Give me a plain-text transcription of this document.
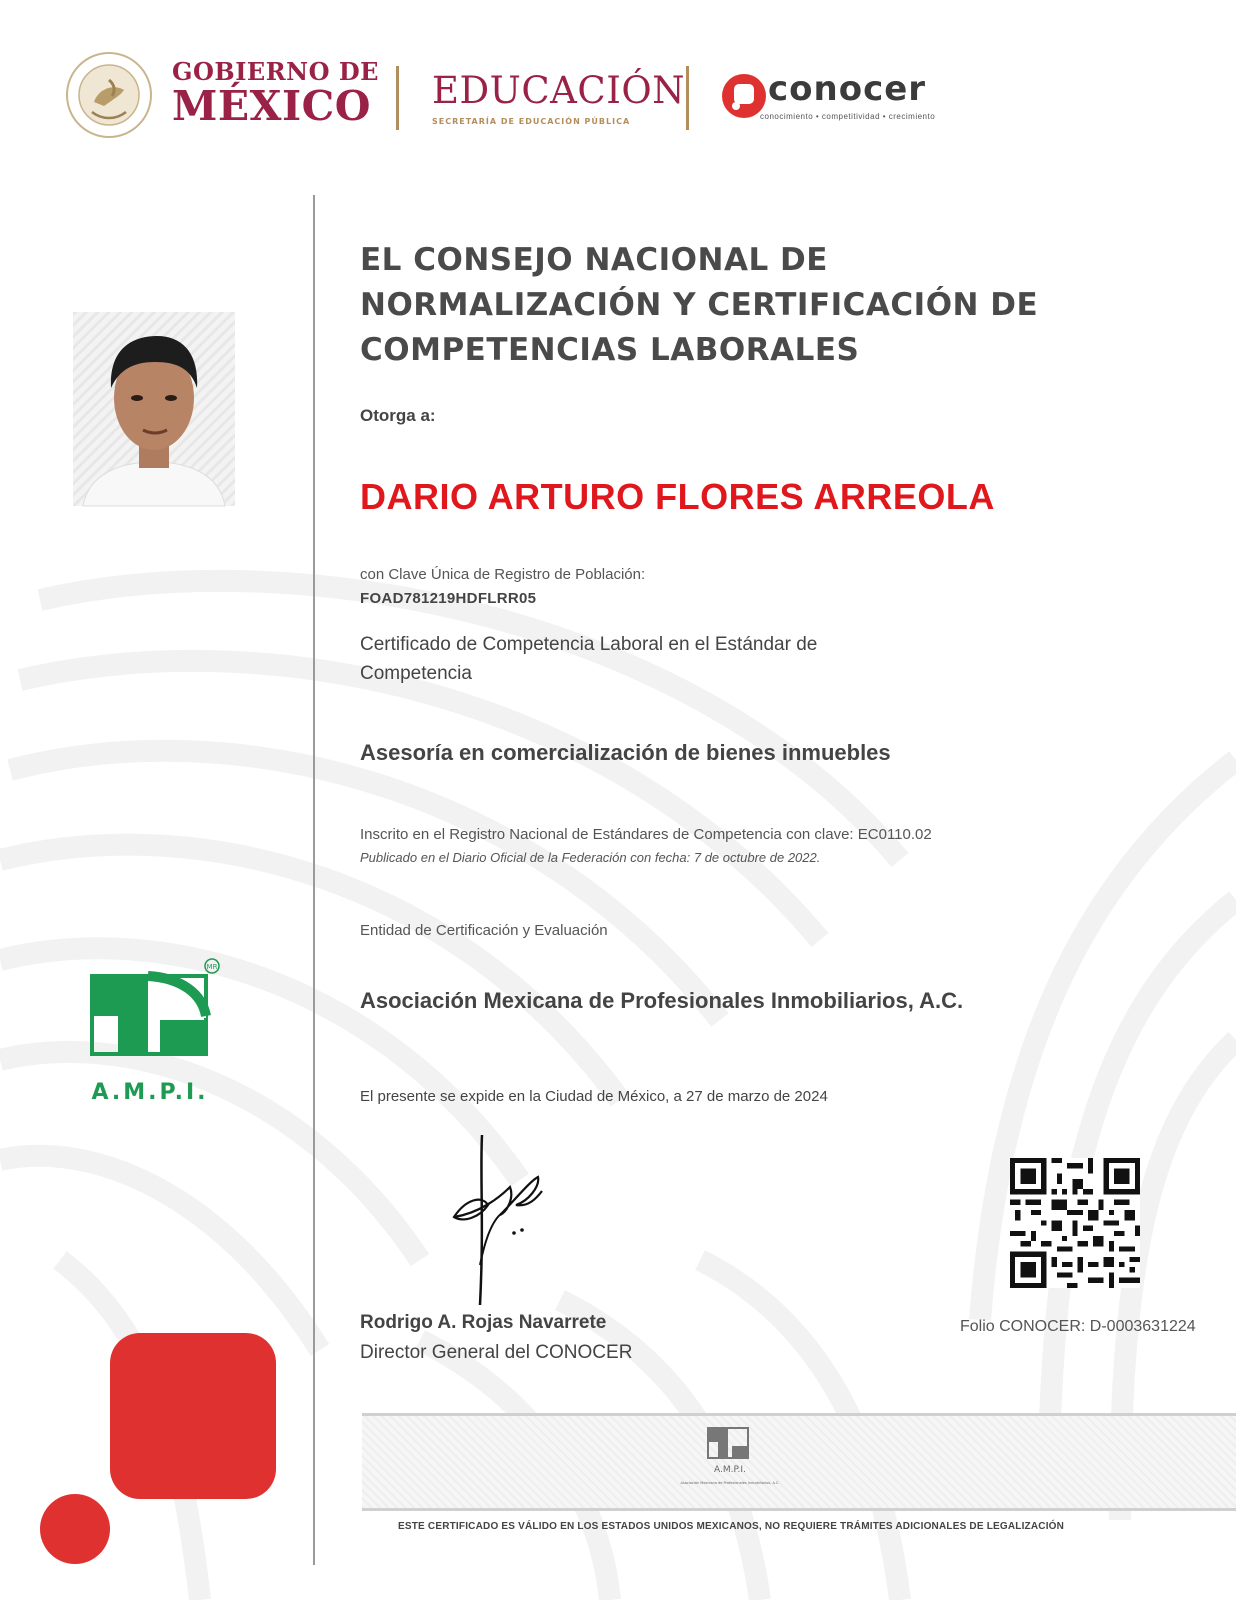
GOBIERNO DE
MÉXICO EDUCACIÓN
SECRETARÍA DE EDUCACIÓN PÚBLICA
conocer
conocimiento • competitividad • crecimiento
MR
A.M.P.I.
EL CONSEJO NACIONAL DE NORMALIZACIÓN Y CERTIFICACIÓN DE COMPETENCIAS LABORALES
Otorga a:
DARIO ARTURO FLORES ARREOLA
con Clave Única de Registro de Población:
FOAD781219HDFLRR05
Certificado de Competencia Laboral en el Estándar de Competencia
Asesoría en comercialización de bienes inmuebles
Inscrito en el Registro Nacional de Estándares de Competencia con clave: EC0110.02
Publicado en el Diario Oficial de la Federación con fecha: 7 de octubre de 2022.
Entidad de Certificación y Evaluación
Asociación Mexicana de Profesionales Inmobiliarios, A.C.
El presente se expide en la Ciudad de México, a 27 de marzo de 2024
Rodrigo A. Rojas Navarrete
Director General del CONOCER
Folio CONOCER: D-0003631224
A.M.P.I.
Asociación Mexicana de Profesionales Inmobiliarios, A.C.
ESTE CERTIFICADO ES VÁLIDO EN LOS ESTADOS UNIDOS MEXICANOS, NO REQUIERE TRÁMITES ADICIONALES DE LEGALIZACIÓN
